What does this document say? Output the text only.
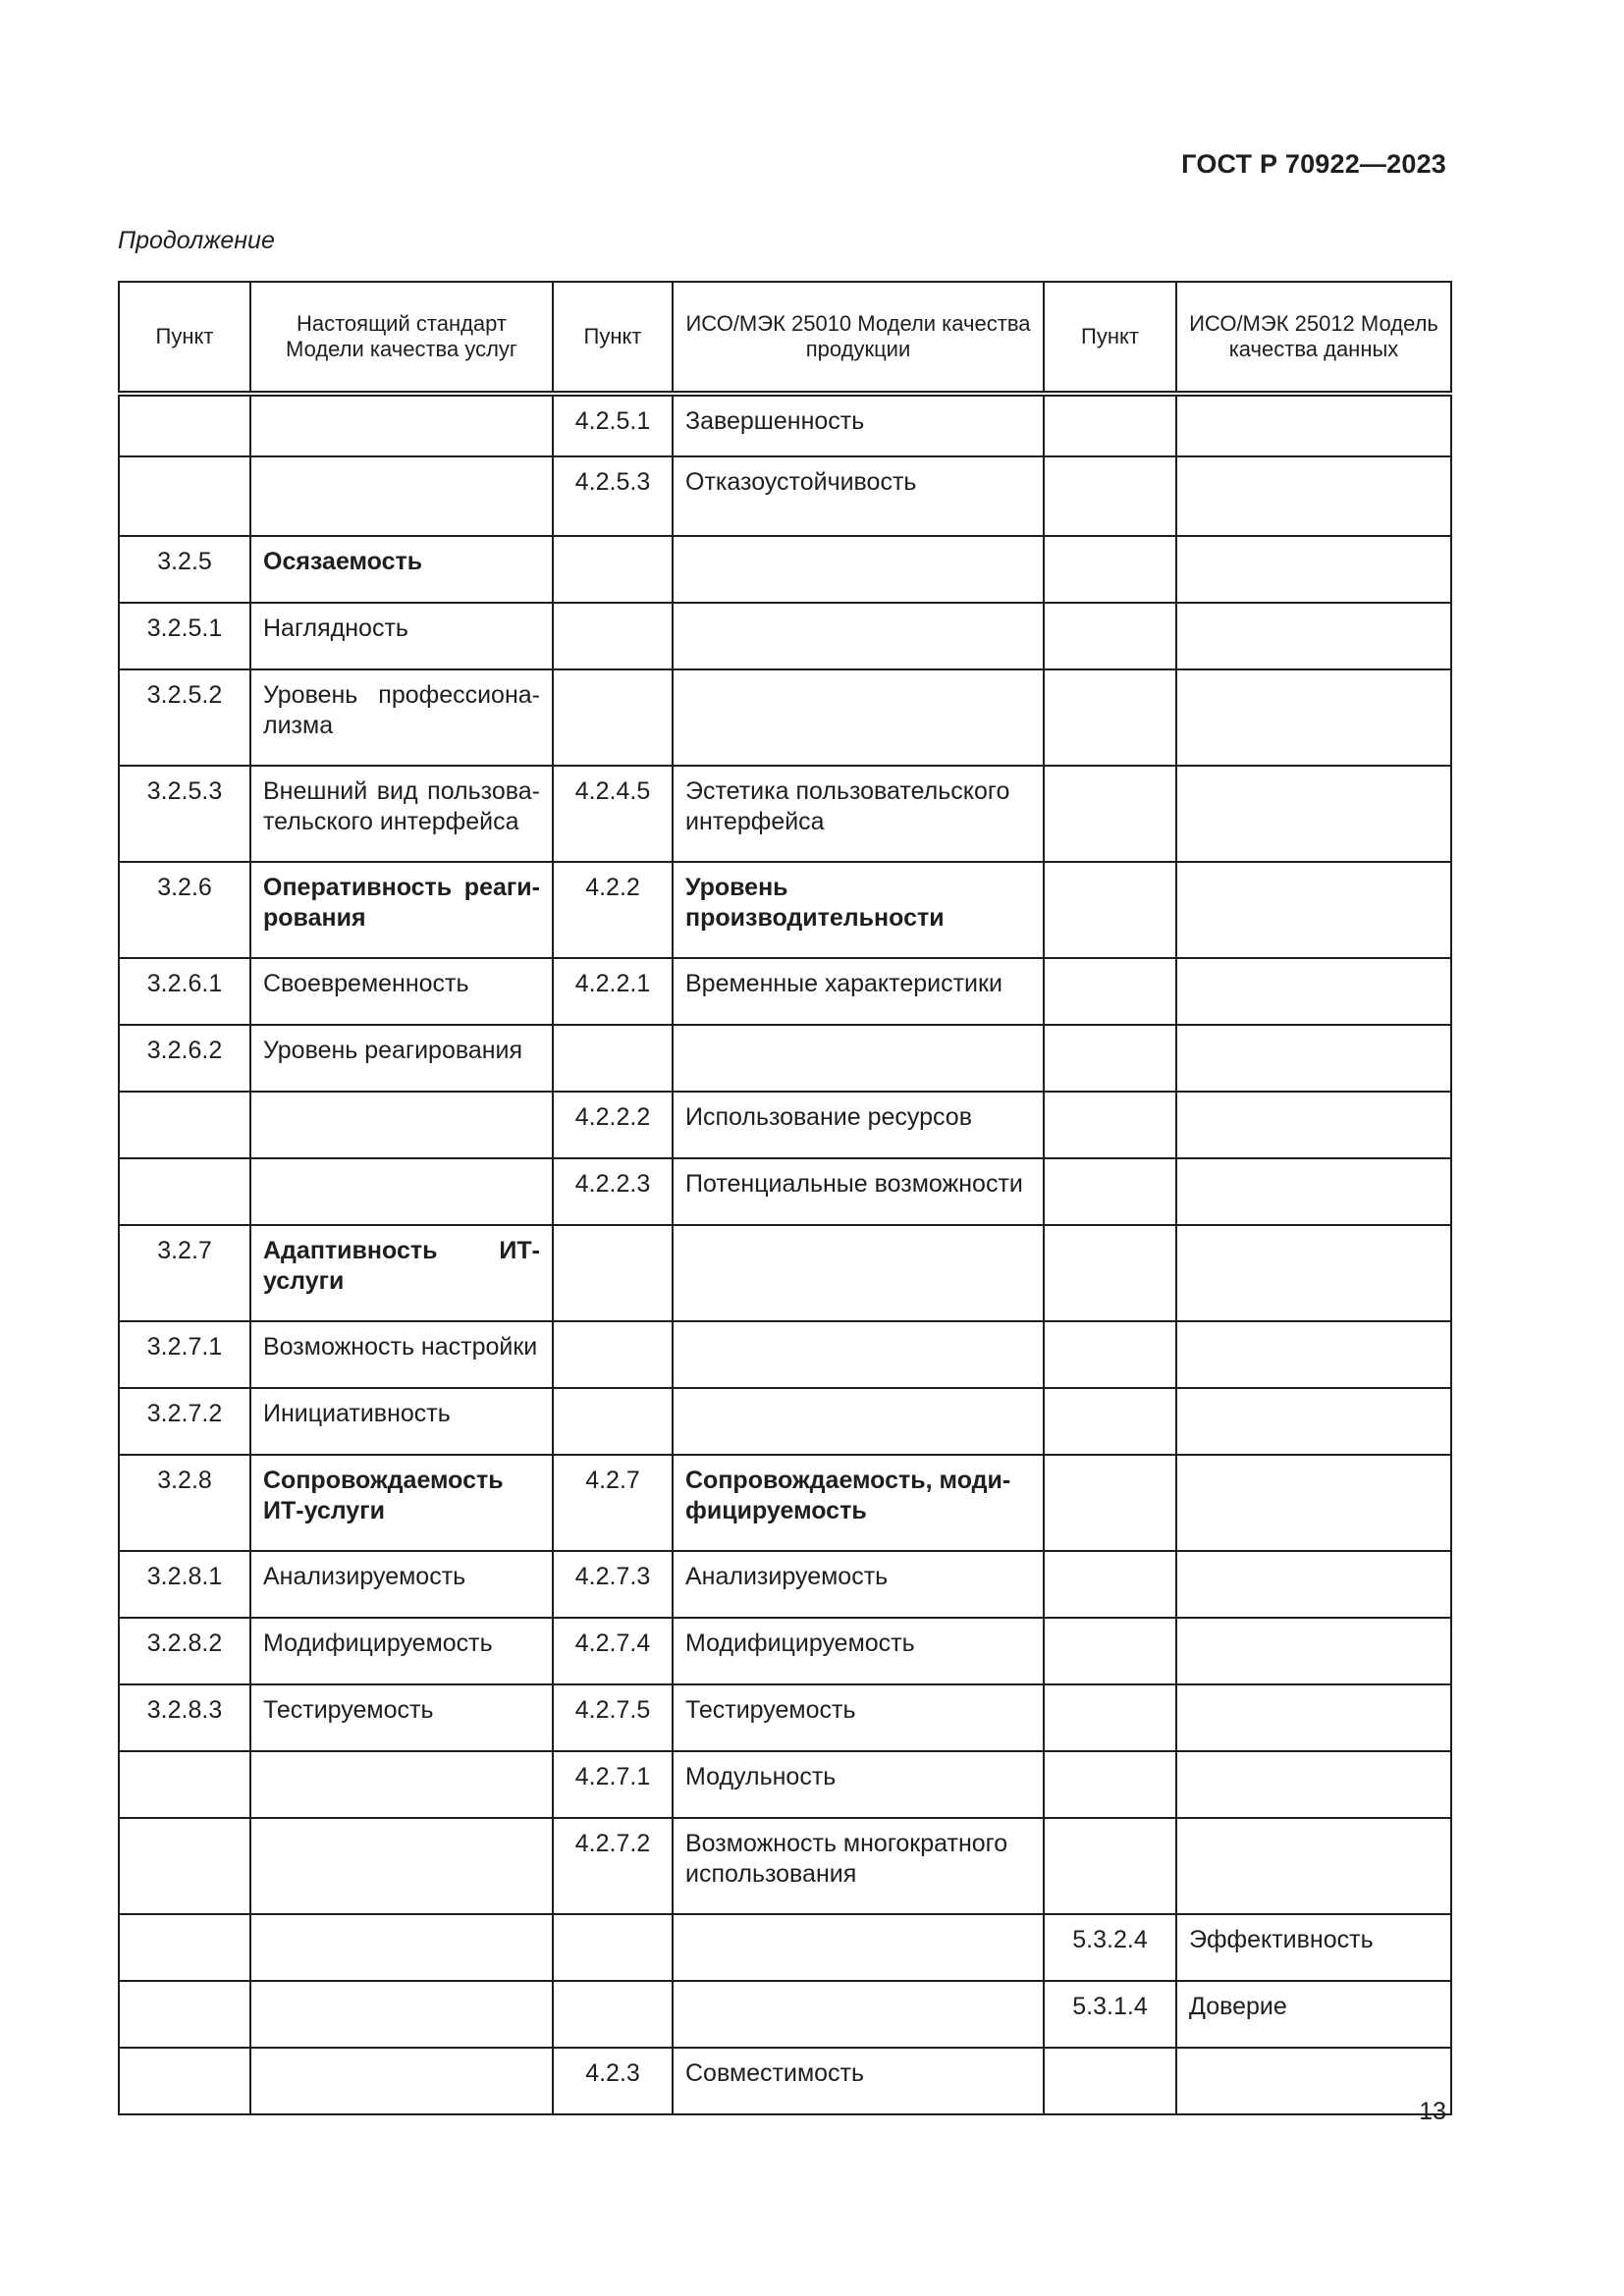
ГОСТ Р 70922—2023
Продолжение
Пункт	Настоящий стандарт Модели качества услуг	Пункт	ИСО/МЭК 25010 Модели качества продукции	Пункт	ИСО/МЭК 25012 Модель качества данных

		4.2.5.1	Завершенность		

		4.2.5.3	Отказоустойчивость		

3.2.5	Осязаемость				

3.2.5.1	Наглядность				

3.2.5.2	Уровень профессиона-лизма				

3.2.5.3	Внешний вид пользова-тельского интерфейса	4.2.4.5	Эстетика пользовательского интерфейса		

3.2.6	Оперативность реаги-рования	4.2.2	Уровень производительности		

3.2.6.1	Своевременность	4.2.2.1	Временные характеристики		

3.2.6.2	Уровень реагирования				

		4.2.2.2	Использование ресурсов		

		4.2.2.3	Потенциальные возможности		

3.2.7	Адаптивность ИТ-услуги				

3.2.7.1	Возможность настройки				

3.2.7.2	Инициативность				

3.2.8	Сопровождаемость ИТ-услуги	4.2.7	Сопровождаемость, моди-фицируемость		

3.2.8.1	Анализируемость	4.2.7.3	Анализируемость		

3.2.8.2	Модифицируемость	4.2.7.4	Модифицируемость		

3.2.8.3	Тестируемость	4.2.7.5	Тестируемость		

		4.2.7.1	Модульность		

		4.2.7.2	Возможность многократного использования		

				5.3.2.4	Эффективность

				5.3.1.4	Доверие

		4.2.3	Совместимость		

13
